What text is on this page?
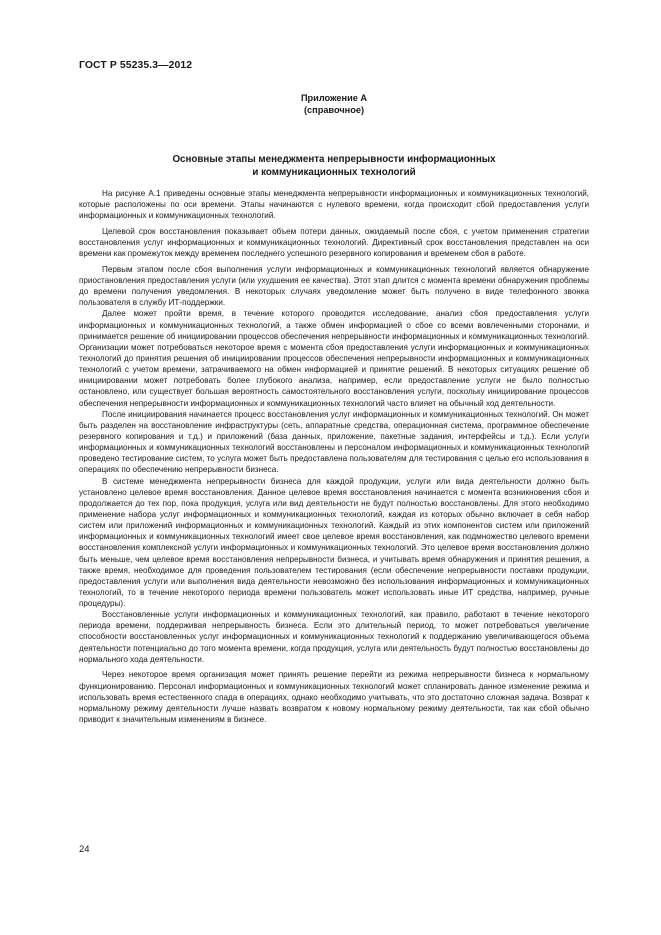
ГОСТ Р 55235.3—2012
Приложение А
(справочное)
Основные этапы менеджмента непрерывности информационных
и коммуникационных технологий

На рисунке А.1 приведены основные этапы менеджмента непрерывности информационных и коммуникационных технологий, которые расположены по оси времени. Этапы начинаются с нулевого времени, когда происходит сбой предоставления услуги информационных и коммуникационных технологий.

Целевой срок восстановления показывает объем потери данных, ожидаемый после сбоя, с учетом применения стратегии восстановления услуг информационных и коммуникационных технологий. Директивный срок восстановления представлен на оси времени как промежуток между временем последнего успешного резервного копирования и временем сбоя в работе.

Первым этапом после сбоя выполнения услуги информационных и коммуникационных технологий является обнаружение приостановления предоставления услуги (или ухудшения ее качества). Этот этап длится с момента времени обнаружения проблемы до времени получения уведомления. В некоторых случаях уведомление может быть получено в виде телефонного звонка пользователя в службу ИТ-поддержки.

Далее может пройти время, в течение которого проводится исследование, анализ сбоя предоставления услуги информационных и коммуникационных технологий, а также обмен информацией о сбое со всеми вовлеченными сторонами, и принимается решение об инициировании процессов обеспечения непрерывности информационных и коммуникационных технологий. Организации может потребоваться некоторое время с момента сбоя предоставления услуги информационных и коммуникационных технологий до принятия решения об инициировании процессов обеспечения непрерывности информационных и коммуникационных технологий с учетом времени, затрачиваемого на обмен информацией и принятие решений. В некоторых ситуациях решение об инициировании может потребовать более глубокого анализа, например, если предоставление услуги не было полностью остановлено, или существует большая вероятность самостоятельного восстановления услуги, поскольку инициирование процессов обеспечения непрерывности информационных и коммуникационных технологий часто влияет на обычный ход деятельности.

После инициирования начинается процесс восстановления услуг информационных и коммуникационных технологий. Он может быть разделен на восстановление инфраструктуры (сеть, аппаратные средства, операционная система, программное обеспечение резервного копирования и т.д.) и приложений (база данных, приложение, пакетные задания, интерфейсы и т.д.). Если услуги информационных и коммуникационных технологий восстановлены и персоналом информационных и коммуникационных технологий проведено тестирование систем, то услуга может быть предоставлена пользователям для тестирования с целью его использования в операциях по обеспечению непрерывности бизнеса.

В системе менеджмента непрерывности бизнеса для каждой продукции, услуги или вида деятельности должно быть установлено целевое время восстановления. Данное целевое время восстановления начинается с момента возникновения сбоя и продолжается до тех пор, пока продукция, услуга или вид деятельности не будут полностью восстановлены. Для этого необходимо применение набора услуг информационных и коммуникационных технологий, каждая из которых обычно включает в себя набор систем или приложений информационных и коммуникационных технологий. Каждый из этих компонентов систем или приложений информационных и коммуникационных технологий имеет свое целевое время восстановления, как подмножество целевого времени восстановления комплексной услуги информационных и коммуникационных технологий. Это целевое время восстановления должно быть меньше, чем целевое время восстановления непрерывности бизнеса, и учитывать время обнаружения и принятия решения, а также время, необходимое для проведения пользователем тестирования (если обеспечение непрерывности поставки продукции, предоставления услуги или выполнения вида деятельности невозможно без использования информационных и коммуникационных технологий, то в течение некоторого периода времени пользователь может использовать иные ИТ средства, например, ручные процедуры).

Восстановленные услуги информационных и коммуникационных технологий, как правило, работают в течение некоторого периода времени, поддерживая непрерывность бизнеса. Если это длительный период, то может потребоваться увеличение способности восстановленных услуг информационных и коммуникационных технологий к поддержанию увеличивающегося объема деятельности потенциально до того момента времени, когда продукция, услуга или деятельность будут полностью восстановлены до нормального хода деятельности.

Через некоторое время организация может принять решение перейти из режима непрерывности бизнеса к нормальному функционированию. Персонал информационных и коммуникационных технологий может спланировать данное изменение режима и использовать время естественного спада в операциях, однако необходимо учитывать, что это достаточно сложная задача. Возврат к нормальному режиму деятельности лучше назвать возвратом к новому нормальному режиму деятельности, так как сбой обычно приводит к значительным изменениям в бизнесе.

24
